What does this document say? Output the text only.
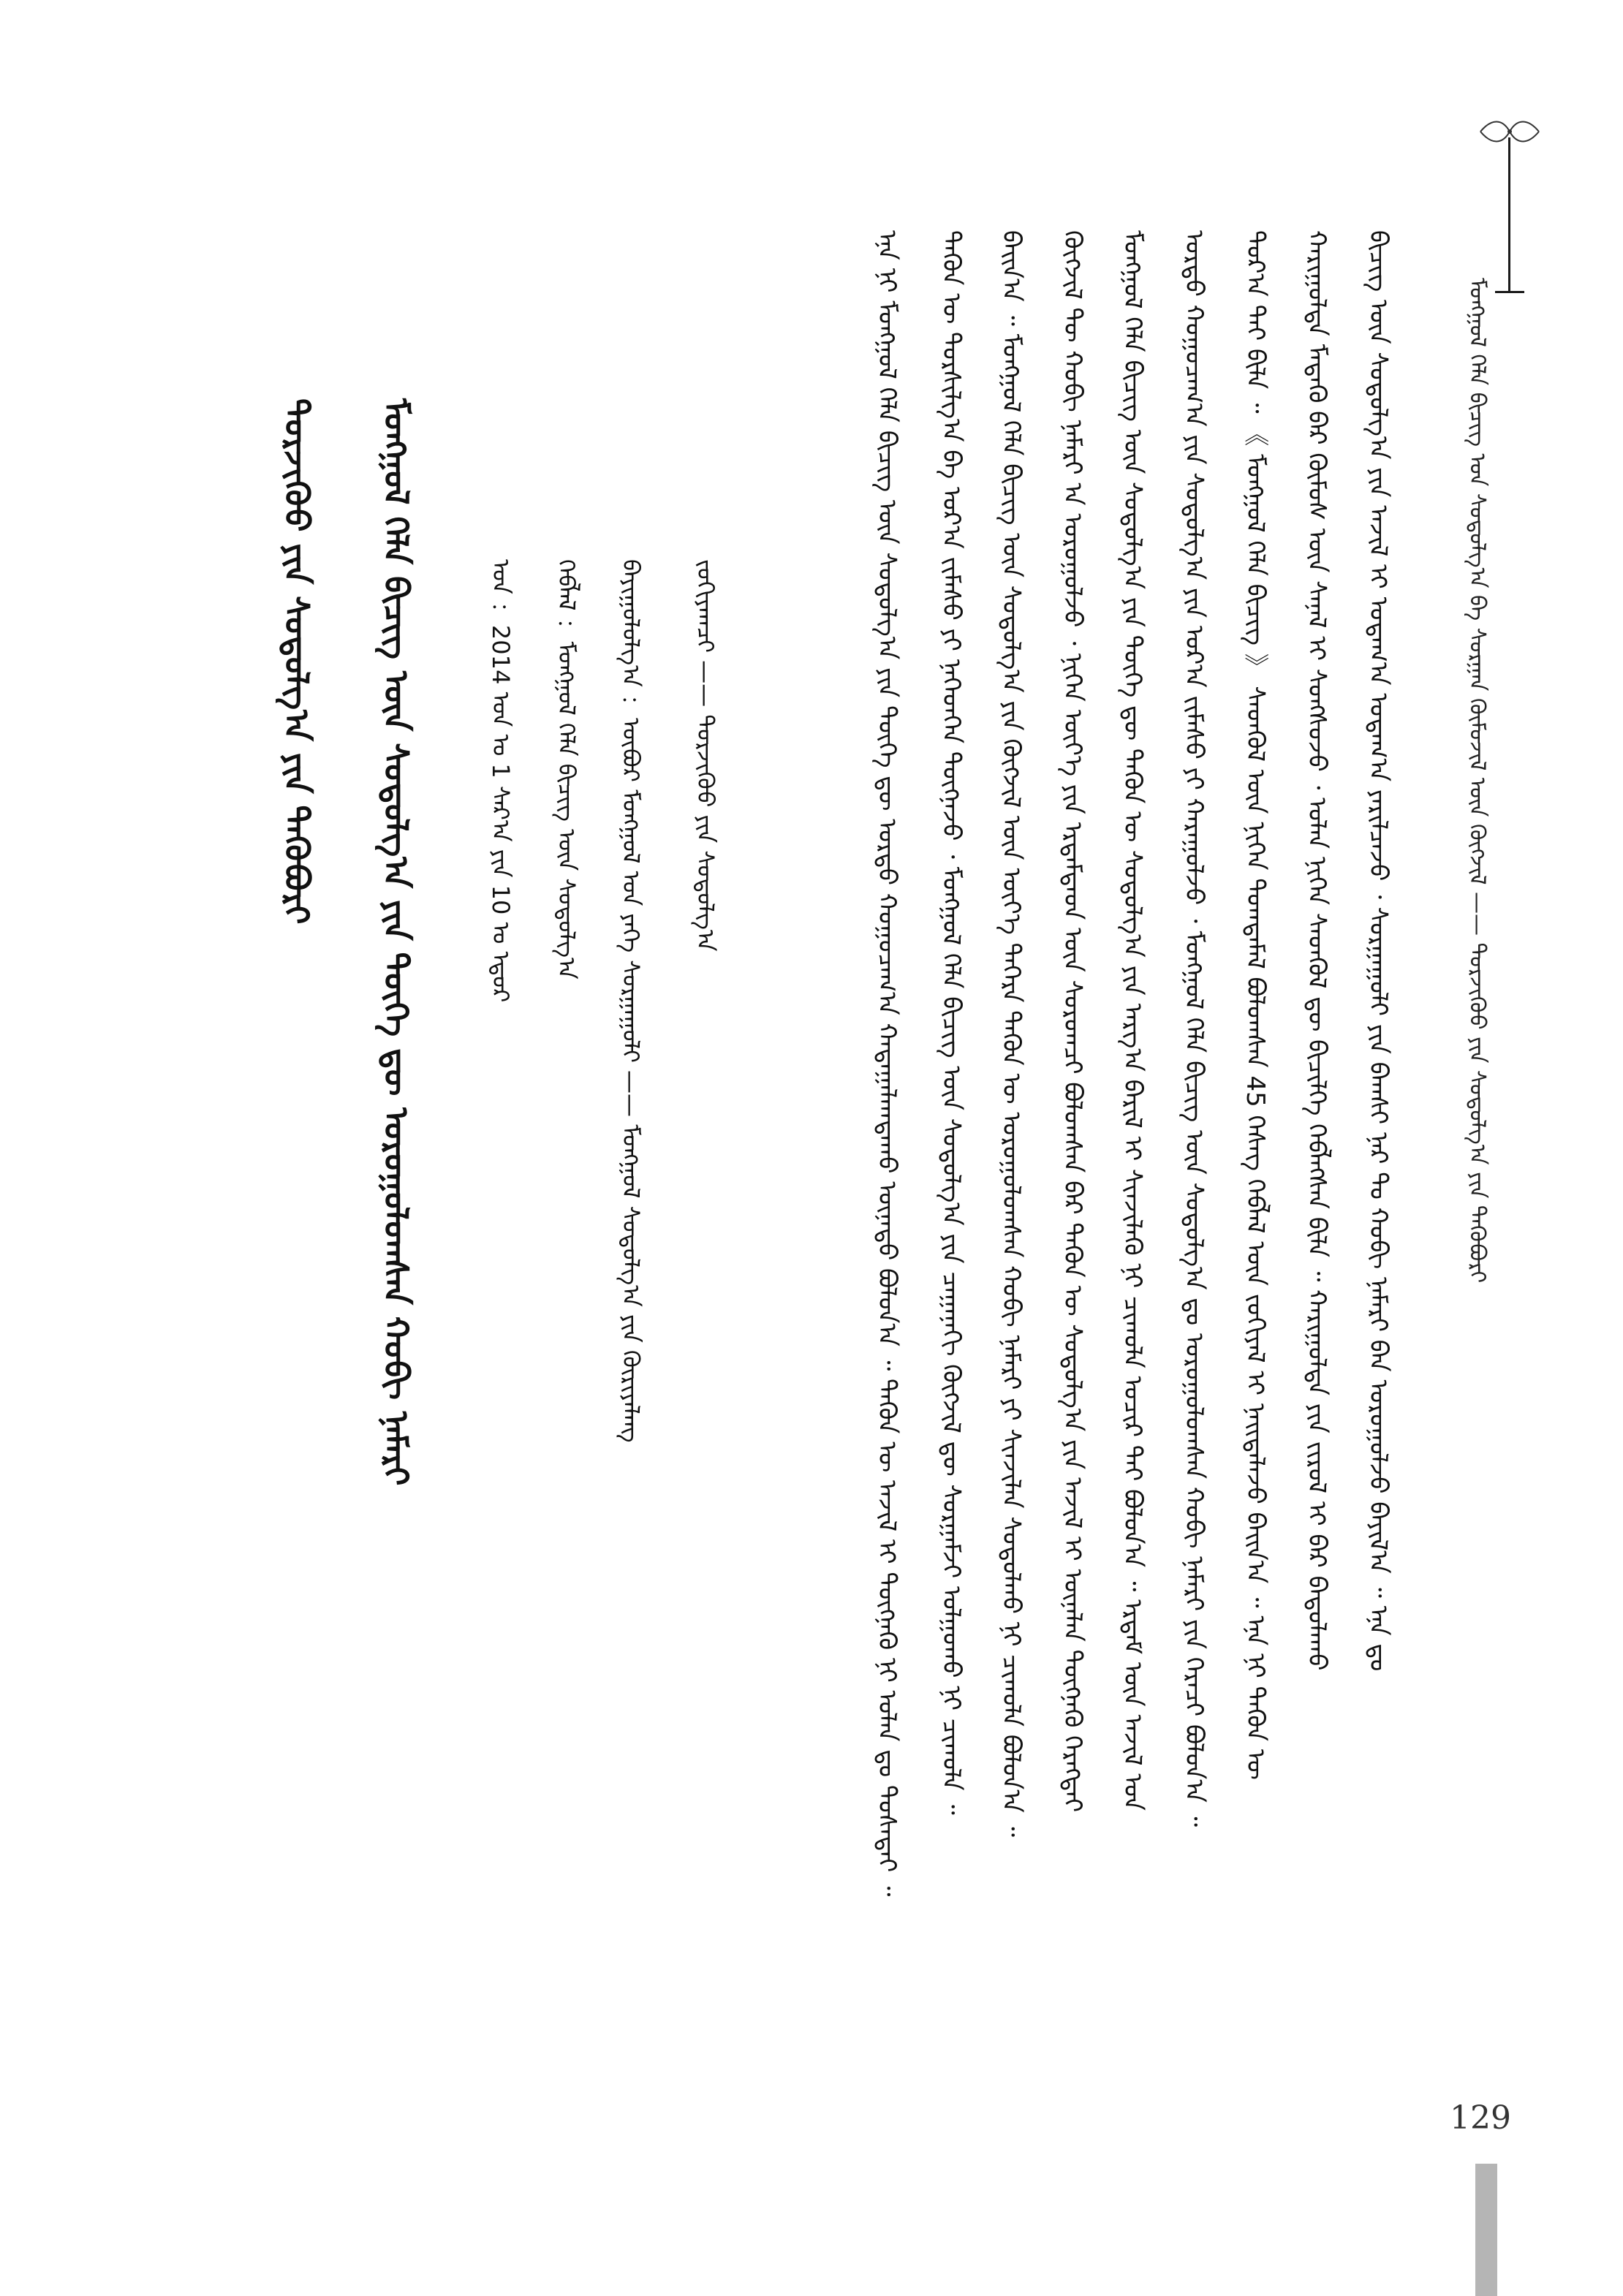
ᠮᠣᠩᠭᠣᠯ ᠬᠡᠯᠡ ᠪᠢᠴᠢᠭ᠌ ᠤᠨ ᠰᠤᠳᠤᠯᠭ᠎ᠠ ᠪᠠ ᠰᠤᠷᠭᠠᠨ ᠬᠦᠮᠦᠵᠢᠯ ᠦᠨ ᠬᠥᠭᠵᠢᠯ —— ᠳᠣᠷᠵᠢᠬᠦᠦ ᠶᠢᠨ ᠰᠤᠳᠤᠯᠭ᠎ᠠ ᠶᠢᠨ ᠲᠡᠭᠦᠪᠦᠷᠢ
ᠪᠢᠴᠢᠭ ᠦᠨ ᠰᠤᠳᠤᠯᠭ᠎ᠠ ᠶᠢᠨ ᠠᠵᠢᠯ ᠢ ᠤᠳᠠᠭ᠎ᠠ ᠤᠳᠠᠭ᠎ᠠ ᠶᠠᠷᠢᠯᠴᠠᠵᠤ ᠂ ᠰᠤᠷᠭᠠᠭᠤᠯᠢ ᠶᠢᠨ ᠪᠠᠭᠰᠢ ᠨᠠᠷ ᠲᠤ ᠬᠤᠪᠢ ᠨᠡᠮᠡᠷᠢ ᠪᠡᠨ ᠣᠷᠣᠭᠤᠯᠵᠤ ᠪᠠᠶᠢᠯ᠎ᠠ ᠃ ᠡᠨᠡ ᠳᠤ
ᠬᠠᠷᠢᠭᠤᠯᠲᠠ ᠮᠡᠳᠡᠬᠦ ᠪᠡᠷ ᠬᠦᠮᠦᠰ ᠦᠨ ᠰᠠᠨᠠᠯ ᠢ ᠰᠣᠩᠰᠣᠵᠤ ᠂ ᠣᠯᠠᠨ ᠨᠢᠭᠡᠨ ᠰᠡᠳᠭᠦᠯ ᠳᠦ ᠪᠢᠴᠢᠯᠭᠡ ᠬᠡᠪᠯᠡᠭᠰᠡᠨ ᠪᠢᠯᠡ ᠃ ᠬᠠᠷᠢᠭᠤᠯᠲᠠ ᠶᠢᠨ ᠵᠢᠷᠤᠯ ᠢ ᠪᠠᠷ ᠪᠠᠳᠤᠯᠠᠬᠤ
ᠳᠤᠷ᠎ᠠ ᠲᠠᠢ ᠪᠢᠯᠡ ᠃ 《 ᠮᠣᠩᠭᠣᠯ ᠬᠡᠯᠡ ᠪᠢᠴᠢᠭ 》 ᠰᠡᠳᠭᠦᠯ ᠦᠨ ᠨᠢᠭᠡᠨ ᠲᠣᠭᠲᠠᠮᠠᠯ ᠪᠣᠯᠤᠭᠰᠠᠨ 45 ᠬᠡᠰᠡᠭ ᠬᠡᠪᠯᠡᠯ ᠦᠨ ᠵᠣᠬᠢᠶᠠᠯ ᠢ ᠨᠡᠢᠲᠡᠯᠡᠵᠦ ᠪᠠᠢᠨ᠎ᠠ ᠃ ᠡᠨᠡ ᠨᠢ ᠲᠡᠭᠦᠨ ᠦ
ᠤᠷᠲᠤ ᠬᠤᠭᠤᠴᠠᠭ᠎ᠠ ᠶᠢᠨ ᠰᠤᠳᠤᠯᠭ᠎ᠠ ᠶᠢᠨ ᠤᠷ᠎ᠠ ᠵᠢᠮᠡᠰᠦ ᠶᠢ ᠬᠠᠷᠠᠭᠤᠯᠵᠤ ᠂ ᠮᠣᠩᠭᠣᠯ ᠬᠡᠯᠡ ᠪᠢᠴᠢᠭ ᠦᠨ ᠰᠤᠳᠤᠯᠭ᠎ᠠ ᠳᠤ ᠣᠷᠣᠭᠤᠯᠤᠭᠰᠠᠨ ᠬᠤᠪᠢ ᠨᠡᠮᠡᠷᠢ ᠶᠢᠨ ᠭᠡᠷᠡᠴᠢ ᠪᠣᠯᠤᠨ᠎ᠠ ᠃
ᠮᠣᠩᠭᠣᠯ ᠬᠡᠯᠡ ᠪᠢᠴᠢᠭ ᠦᠨ ᠰᠤᠳᠤᠯᠭ᠎ᠠ ᠶᠢᠨ ᠲᠦᠬᠡ ᠳᠦ ᠲᠡᠭᠦᠨ ᠦ ᠰᠤᠳᠤᠯᠭ᠎ᠠ ᠶᠢᠨ ᠠᠷᠭ᠎ᠠ ᠪᠠᠷᠢᠯ ᠢ ᠰᠢᠨᠵᠢᠯᠡᠬᠦ ᠨᠢ ᠴᠢᠬᠤᠯᠠ ᠤᠴᠢᠷ ᠲᠠᠢ ᠪᠣᠯᠤᠨ᠎ᠠ ᠃ ᠡᠷᠳᠡᠮ ᠦᠨ ᠠᠵᠢᠯ ᠤᠨ
ᠬᠥᠭᠵᠢᠯ ᠲᠦ ᠬᠤᠪᠢ ᠨᠡᠮᠡᠷᠢ ᠡᠨ ᠣᠷᠣᠭᠤᠯᠵᠤ ᠂ ᠨᠢᠭᠡᠨ ᠦᠶ᠎ᠡ ᠶᠢᠨ ᠡᠷᠳᠡᠮᠲᠡᠳ ᠦᠨ ᠰᠤᠷᠤᠭᠴᠢ ᠪᠣᠯᠤᠭᠰᠠᠨ ᠪᠡᠷ ᠲᠡᠭᠦᠨ ᠦ ᠰᠤᠳᠤᠯᠭ᠎ᠠ ᠶᠢᠨ ᠠᠵᠢᠯ ᠢ ᠦᠨᠡᠯᠡᠨ ᠳᠦᠭᠨᠡᠬᠦ ᠬᠡᠷᠡᠭᠲᠡᠢ
ᠪᠠᠢᠨ᠎ᠠ ᠃ ᠮᠣᠩᠭᠣᠯ ᠬᠡᠯᠡ ᠪᠢᠴᠢᠭ ᠦᠨ ᠰᠤᠳᠤᠯᠭ᠎ᠠ ᠶᠢᠨ ᠬᠥᠭᠵᠢᠯ ᠦᠨ ᠦᠶ᠎ᠡ ᠳᠡᠭᠡᠷᠡ ᠲᠡᠭᠦᠨ ᠦ ᠣᠷᠣᠭᠤᠯᠤᠭᠰᠠᠨ ᠬᠤᠪᠢ ᠨᠡᠮᠡᠷᠢ ᠶᠢ ᠰᠢᠨᠵᠢᠯᠡᠨ ᠰᠤᠳᠤᠯᠬᠤ ᠨᠢ ᠴᠢᠬᠤᠯᠠ ᠪᠣᠯᠤᠨ᠎ᠠ ᠃
ᠲᠡᠭᠦᠨ ᠦ ᠲᠤᠷᠰᠢᠯᠭ᠎ᠠ ᠪᠠ ᠤᠷ᠎ᠠ ᠵᠢᠮᠡᠰᠦ ᠶᠢ ᠨᠡᠭᠡᠳᠭᠡᠨ ᠳᠦᠭᠨᠡᠵᠦ ᠂ ᠮᠣᠩᠭᠣᠯ ᠬᠡᠯᠡ ᠪᠢᠴᠢᠭ ᠦᠨ ᠰᠤᠳᠤᠯᠭ᠎ᠠ ᠶᠢᠨ ᠴᠠᠭᠠᠨᠠᠬᠢ ᠬᠥᠭᠵᠢᠯ ᠳᠦ ᠰᠤᠷᠭᠠᠮᠵᠢ ᠣᠯᠭᠤᠬᠤ ᠨᠢ ᠴᠢᠬᠤᠯᠠ ᠃
ᠡᠨᠡ ᠨᠢ ᠮᠣᠩᠭᠣᠯ ᠬᠡᠯᠡ ᠪᠢᠴᠢᠭ ᠦᠨ ᠰᠤᠳᠤᠯᠭ᠎ᠠ ᠶᠢᠨ ᠲᠦᠬᠡ ᠳᠦ ᠤᠷᠲᠤ ᠬᠤᠭᠤᠴᠠᠭ᠎ᠠ ᠬᠠᠳᠠᠭᠠᠯᠠᠭᠳᠠᠬᠤ ᠦᠨᠡᠲᠦ ᠪᠣᠯᠤᠨ᠎ᠠ ᠃ ᠲᠡᠭᠦᠨ ᠦ ᠠᠵᠢᠯ ᠢ ᠳᠦᠭᠨᠡᠬᠦ ᠨᠢ ᠣᠯᠠᠨ ᠳᠤ ᠲᠤᠰᠠᠲᠠᠢ ᠃
ᠵᠣᠬᠢᠶᠠᠭᠴᠢ —— ᠳᠣᠷᠵᠢᠬᠦᠦ ᠶᠢᠨ ᠰᠤᠳᠤᠯᠭ᠎ᠠ
ᠪᠠᠶᠢᠭᠤᠯᠤᠯᠭ᠎ᠠ ：ᠦᠪᠦᠷ ᠮᠣᠩᠭᠣᠯ ᠤᠨ ᠶᠡᠬᠡ ᠰᠤᠷᠭᠠᠭᠤᠯᠢ —— ᠮᠣᠩᠭᠣᠯ ᠰᠤᠳᠤᠯᠭ᠎ᠠ ᠶᠢᠨ ᠬᠦᠷᠢᠶᠡᠯᠡᠩ
ᠬᠡᠪᠯᠡᠯ ：ᠮᠣᠩᠭᠣᠯ ᠬᠡᠯᠡ ᠪᠢᠴᠢᠭ ᠦᠨ ᠰᠤᠳᠤᠯᠭ᠎ᠠ
ᠣᠨ ：2014 ᠣᠨ ᠤ 1 ᠰᠠᠷ᠎ᠠ ᠶᠢᠨ 10 ᠤ ᠡᠳᠦᠷ
ᠮᠣᠩᠭᠣᠯ ᠬᠡᠯᠡ ᠪᠢᠴᠢᠭ ᠦᠨ ᠰᠤᠳᠤᠯᠭ᠎ᠠ ᠶᠢᠨ ᠲᠦᠬᠡ ᠳᠦ ᠣᠷᠣᠭᠤᠯᠤᠭᠰᠠᠨ ᠬᠤᠪᠢ ᠨᠡᠮᠡᠷᠢ
ᠳᠣᠷᠵᠢᠬᠦᠦ ᠶᠢᠨ ᠰᠤᠳᠤᠯᠭ᠎ᠠ ᠶᠢᠨ ᠲᠡᠭᠦᠪᠦᠷᠢ
129
